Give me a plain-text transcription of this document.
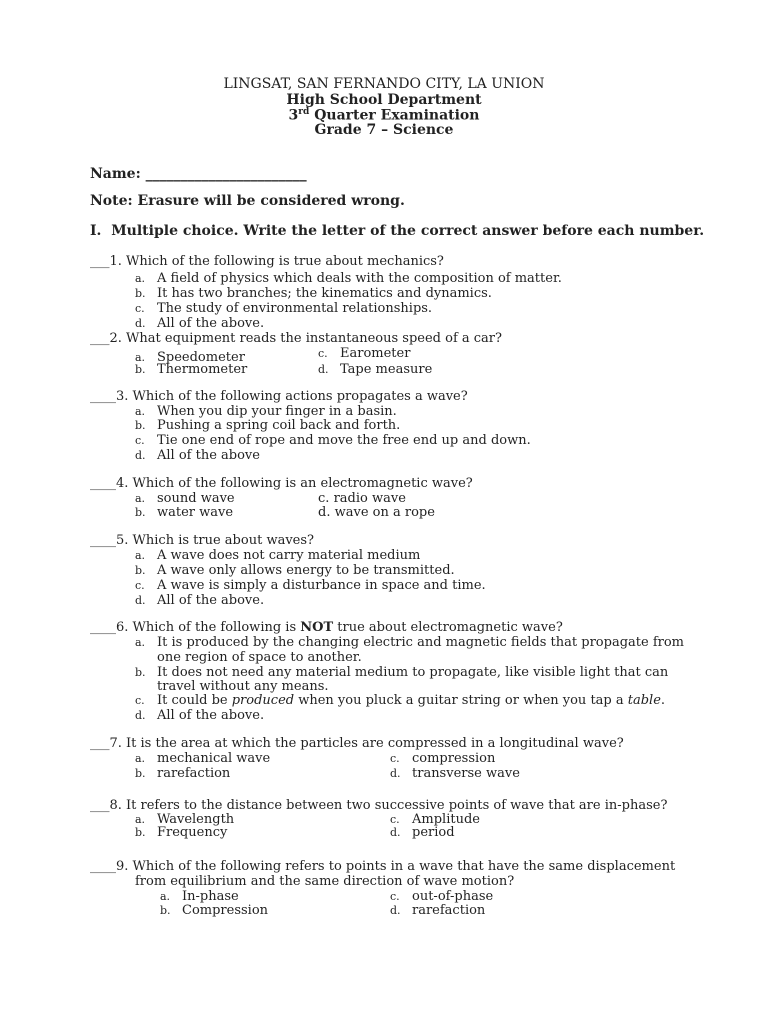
LINGSAT, SAN FERNANDO CITY, LA UNION
High School Department
3rd Quarter Examination
Grade 7 – Science
Name: _______________________
Note: Erasure will be considered wrong.
I. Multiple choice. Write the letter of the correct answer before each number.
___1. Which of the following is true about mechanics?
a. A field of physics which deals with the composition of matter.
b. It has two branches; the kinematics and dynamics.
c. The study of environmental relationships.
d. All of the above.
___2. What equipment reads the instantaneous speed of a car?
a. Speedometer
b. Thermometer
c. Earometer
d. Tape measure
____3. Which of the following actions propagates a wave?
a. When you dip your finger in a basin.
b. Pushing a spring coil back and forth.
c. Tie one end of rope and move the free end up and down.
d. All of the above
____4. Which of the following is an electromagnetic wave?
a. sound wave
b. water wave
c. radio wave
d. wave on a rope
____5. Which is true about waves?
a. A wave does not carry material medium
b. A wave only allows energy to be transmitted.
c. A wave is simply a disturbance in space and time.
d. All of the above.
____6. Which of the following is NOT true about electromagnetic wave?
a. It is produced by the changing electric and magnetic fields that propagate from
one region of space to another.
b. It does not need any material medium to propagate, like visible light that can
travel without any means.
c. It could be produced when you pluck a guitar string or when you tap a table.
d. All of the above.
___7. It is the area at which the particles are compressed in a longitudinal wave?
a. mechanical wave
b. rarefaction
c. compression
d. transverse wave
___8. It refers to the distance between two successive points of wave that are in-phase?
a. Wavelength
b. Frequency
c. Amplitude
d. period
____9. Which of the following refers to points in a wave that have the same displacement
from equilibrium and the same direction of wave motion?
a. In-phase
b. Compression
c. out-of-phase
d. rarefaction
